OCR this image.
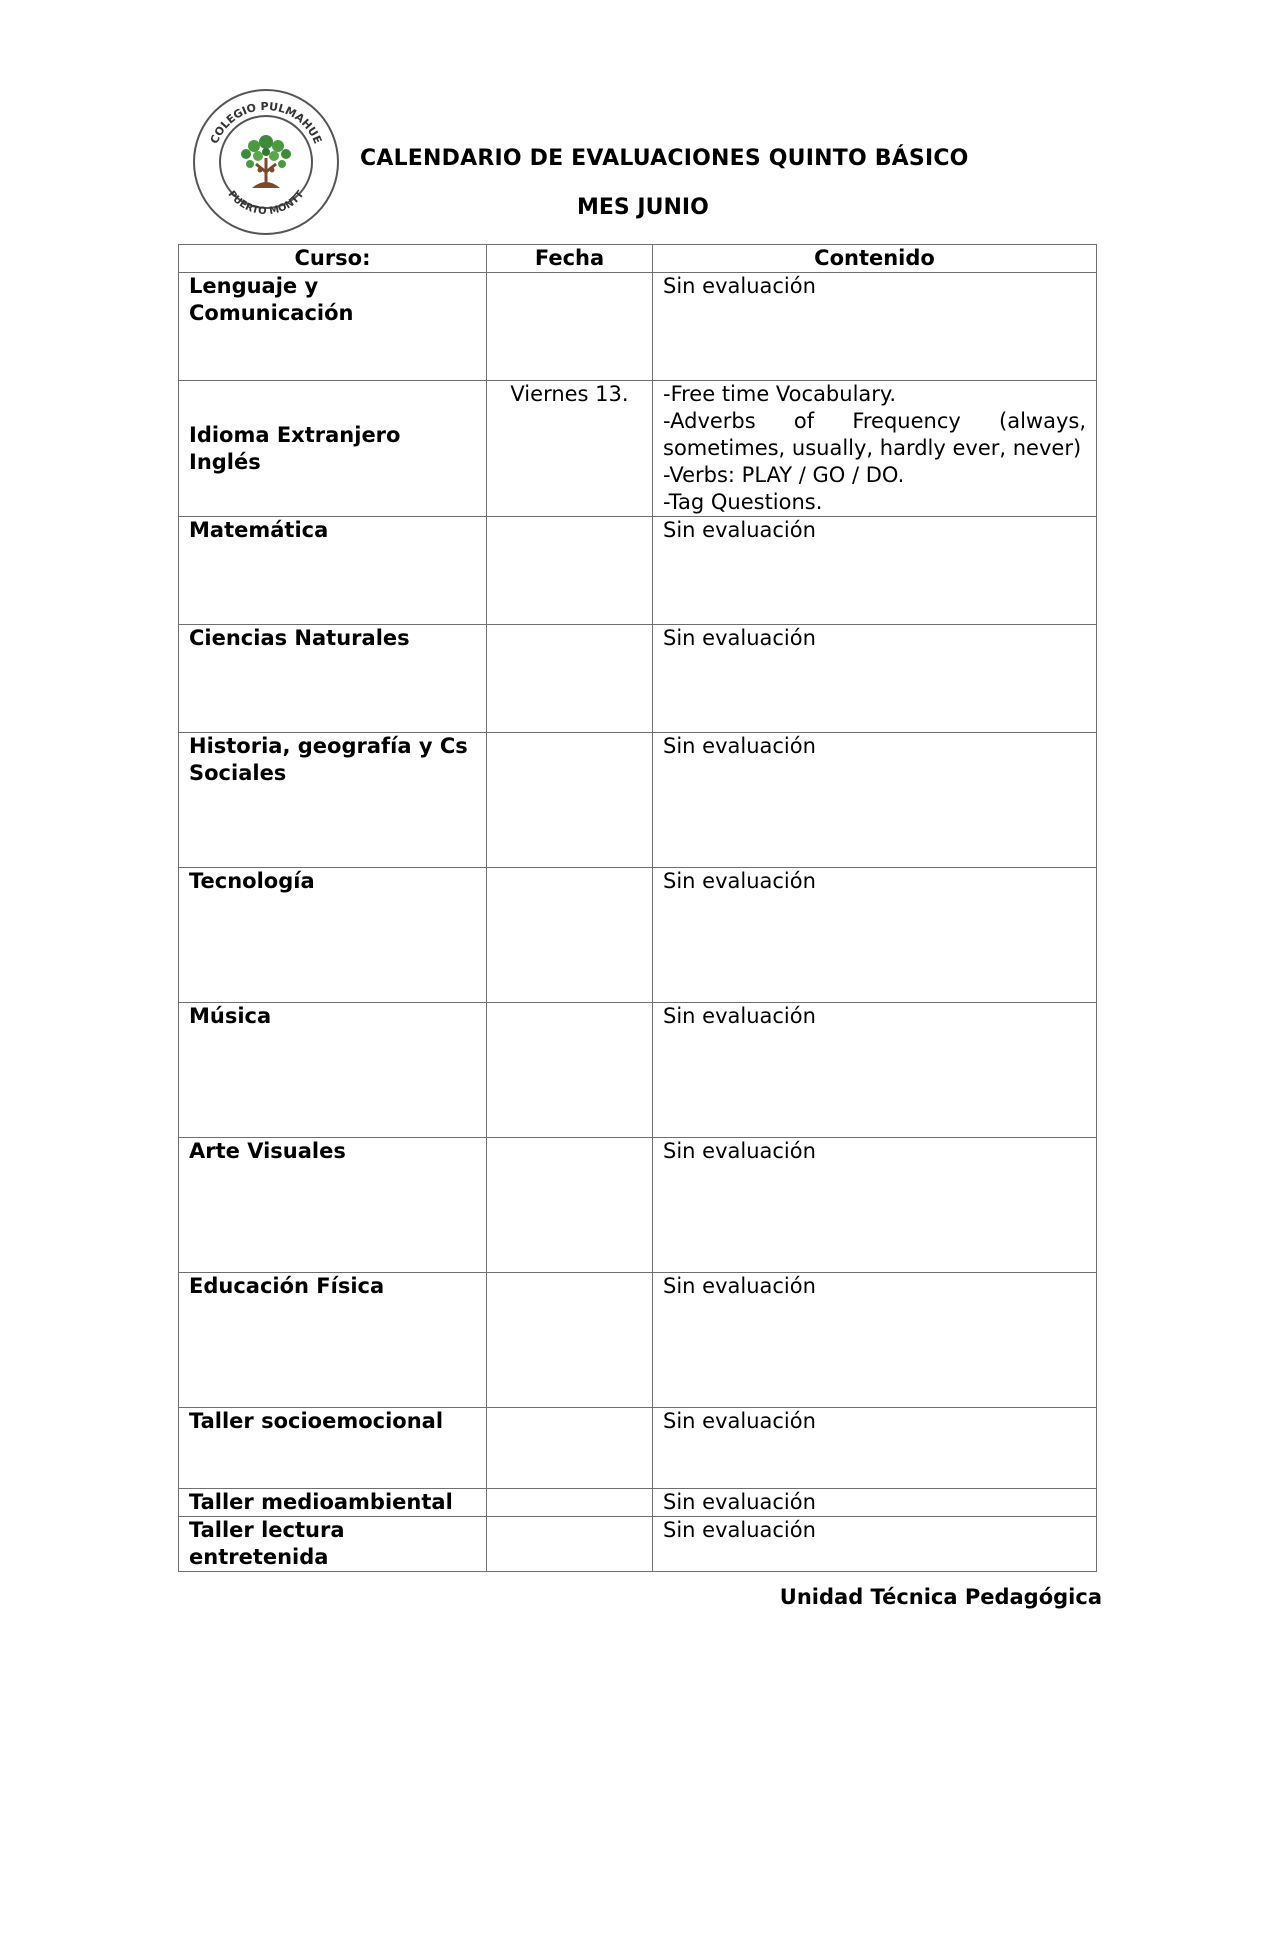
COLEGIO PULMAHUE
PUERTO MONTT
CALENDARIO DE EVALUACIONES QUINTO BÁSICO
MES JUNIO
Curso:	Fecha	Contenido
Lenguaje y Comunicación		Sin evaluación
Idioma Extranjero Inglés	Viernes 13.	-Free time Vocabulary.
-Adverbs of Frequency (always,
sometimes, usually, hardly ever, never)
-Verbs: PLAY / GO / DO.
-Tag Questions.

Matemática		Sin evaluación
Ciencias Naturales		Sin evaluación
Historia, geografía y Cs Sociales		Sin evaluación
Tecnología		Sin evaluación
Música		Sin evaluación
Arte Visuales		Sin evaluación
Educación Física		Sin evaluación
Taller socioemocional		Sin evaluación
Taller medioambiental		Sin evaluación
Taller lectura entretenida		Sin evaluación
Unidad Técnica Pedagógica
